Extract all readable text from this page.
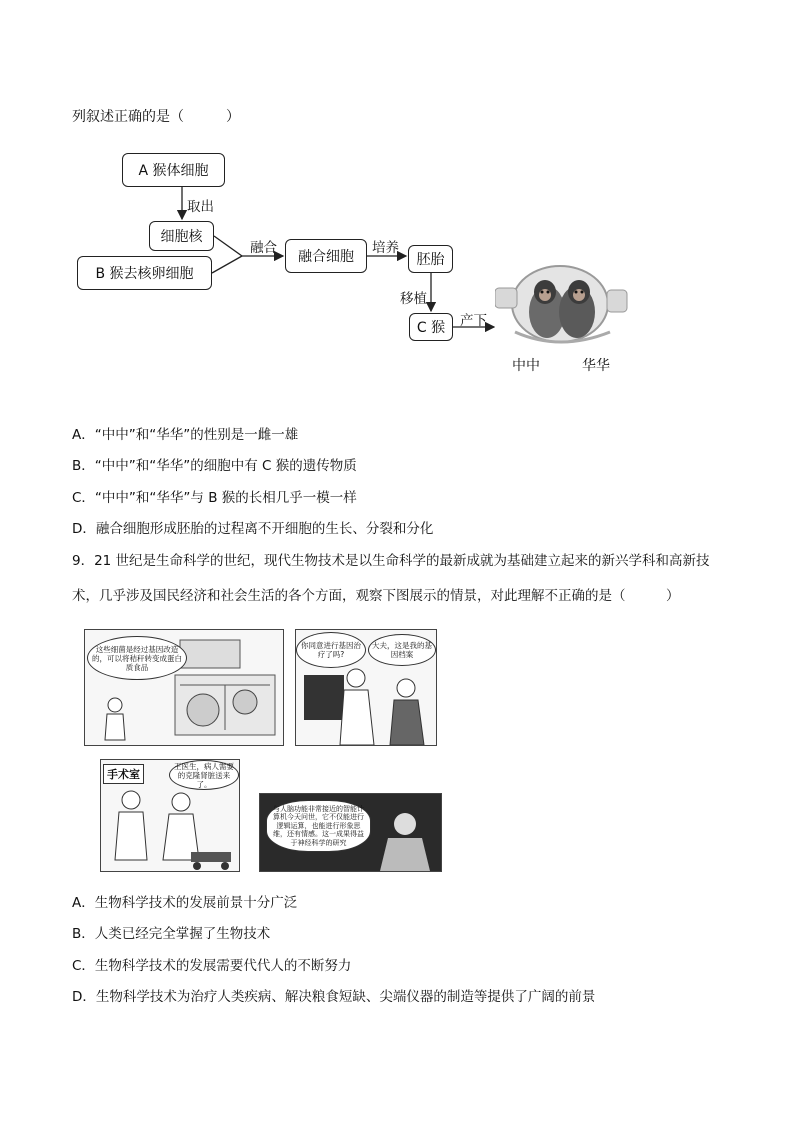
列叙述正确的是（　　　）
A 猴体细胞
取出
细胞核
B 猴去核卵细胞
融合
融合细胞
培养
胚胎
移植
C 猴	产下
中中	华华
A．“中中”和“华华”的性别是一雌一雄
B．“中中”和“华华”的细胞中有 C 猴的遗传物质
C．“中中”和“华华”与 B 猴的长相几乎一模一样
D．融合细胞形成胚胎的过程离不开细胞的生长、分裂和分化
9．21 世纪是生命科学的世纪，现代生物技术是以生命科学的最新成就为基础建立起来的新兴学科和高新技
术，几乎涉及国民经济和社会生活的各个方面，观察下图展示的情景，对此理解不正确的是（　　　）
这些细菌是经过基因改造的，可以将秸秆转变成蛋白质食品
你同意进行基因治疗了吗?
大夫，这是我的基因档案
手术室
王医生，病人需要的克隆肾脏送来了。
与人脑功能非常接近的智能计算机今天问世，它不仅能进行逻辑运算，也能进行形象思维，还有情感。这一成果得益于神经科学的研究
A．生物科学技术的发展前景十分广泛
B．人类已经完全掌握了生物技术
C．生物科学技术的发展需要代代人的不断努力
D．生物科学技术为治疗人类疾病、解决粮食短缺、尖端仪器的制造等提供了广阔的前景
